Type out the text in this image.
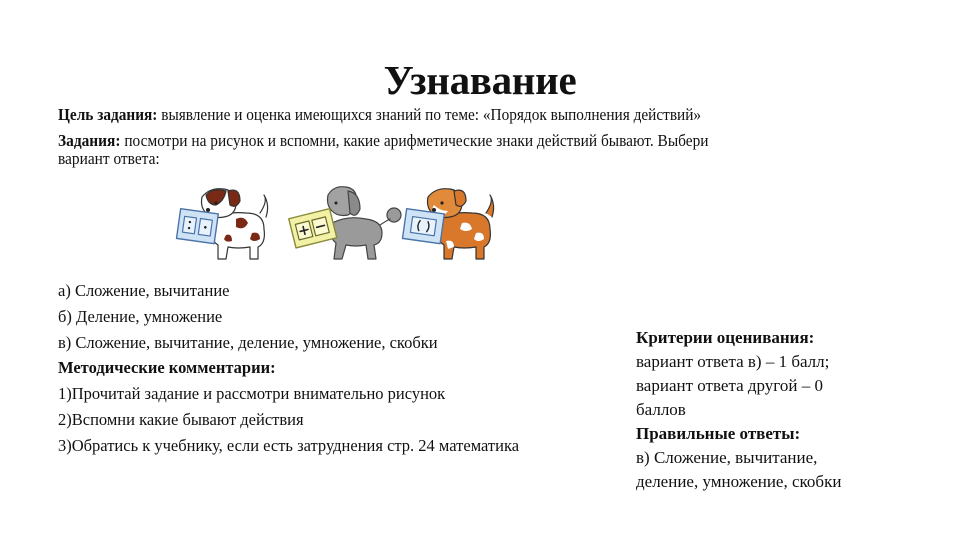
Узнавание
Цель задания: выявление и оценка имеющихся знаний по теме: «Порядок выполнения действий»
Задания: посмотри на рисунок и вспомни, какие арифметические знаки действий бывают. Выбери
вариант ответа:
а) Сложение, вычитание
б) Деление, умножение
в) Сложение, вычитание, деление, умножение, скобки
Методические комментарии:
1)Прочитай задание и рассмотри внимательно рисунок
2)Вспомни какие бывают действия
3)Обратись к учебнику, если есть затруднения стр. 24 математика
Критерии оценивания:
вариант ответа в) – 1 балл;
вариант ответа другой – 0
баллов
Правильные ответы:
в) Сложение, вычитание,
деление, умножение, скобки
